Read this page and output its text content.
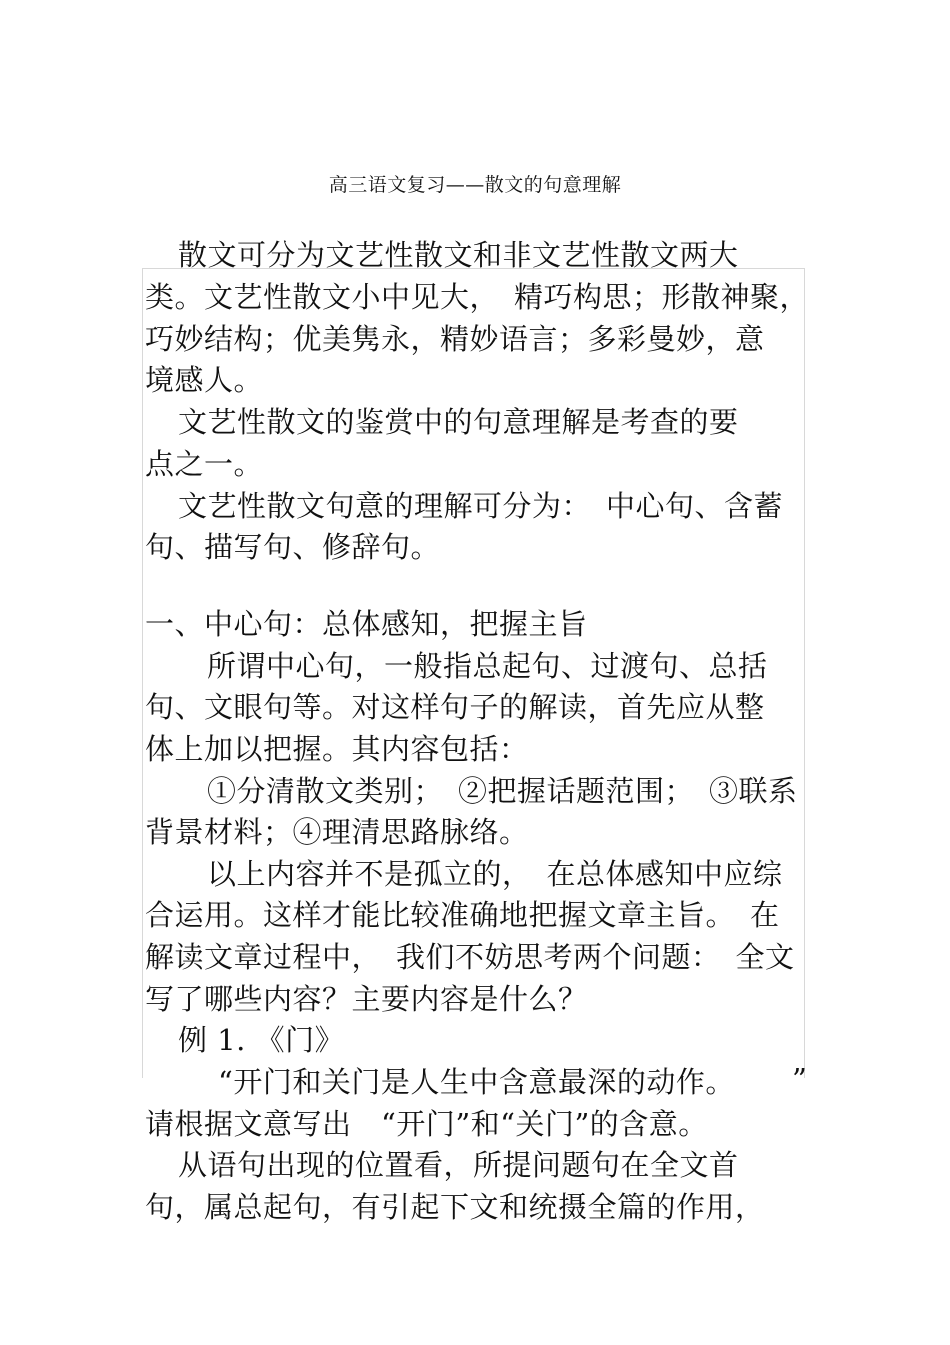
高三语文复习——散文的句意理解
散文可分为文艺性散文和非文艺性散文两大
类。文艺性散文小中见大，　精巧构思；形散神聚，
巧妙结构；优美隽永，精妙语言；多彩曼妙，意
境感人。
文艺性散文的鉴赏中的句意理解是考查的要
点之一。
文艺性散文句意的理解可分为：　中心句、含蓄
句、描写句、修辞句。
一、中心句：总体感知，把握主旨
所谓中心句，一般指总起句、过渡句、总括
句、文眼句等。对这样句子的解读，首先应从整
体上加以把握。其内容包括：
①分清散文类别；　②把握话题范围；　③联系
背景材料；④理清思路脉络。
以上内容并不是孤立的，　在总体感知中应综
合运用。这样才能比较准确地把握文章主旨。　在
解读文章过程中，　我们不妨思考两个问题：　全文
写了哪些内容？主要内容是什么？
例 1. 《门》
“开门和关门是人生中含意最深的动作。 ”
请根据文意写出　“开门”和“关门”的含意。
从语句出现的位置看，所提问题句在全文首
句，属总起句，有引起下文和统摄全篇的作用，
